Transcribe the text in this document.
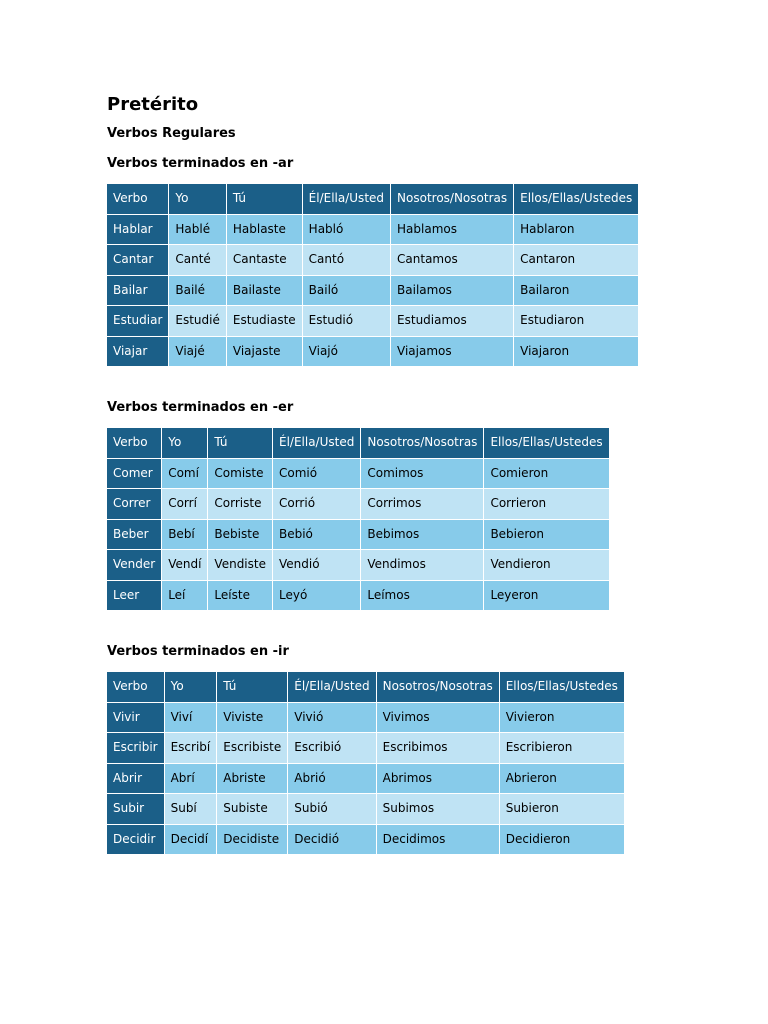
Pretérito
Verbos Regulares
Verbos terminados en -ar
Verbo	Yo	Tú	Él/Ella/Usted	Nosotros/Nosotras	Ellos/Ellas/Ustedes
Hablar	Hablé	Hablaste	Habló	Hablamos	Hablaron
Cantar	Canté	Cantaste	Cantó	Cantamos	Cantaron
Bailar	Bailé	Bailaste	Bailó	Bailamos	Bailaron
Estudiar	Estudié	Estudiaste	Estudió	Estudiamos	Estudiaron
Viajar	Viajé	Viajaste	Viajó	Viajamos	Viajaron
Verbos terminados en -er
Verbo	Yo	Tú	Él/Ella/Usted	Nosotros/Nosotras	Ellos/Ellas/Ustedes
Comer	Comí	Comiste	Comió	Comimos	Comieron
Correr	Corrí	Corriste	Corrió	Corrimos	Corrieron
Beber	Bebí	Bebiste	Bebió	Bebimos	Bebieron
Vender	Vendí	Vendiste	Vendió	Vendimos	Vendieron
Leer	Leí	Leíste	Leyó	Leímos	Leyeron
Verbos terminados en -ir
Verbo	Yo	Tú	Él/Ella/Usted	Nosotros/Nosotras	Ellos/Ellas/Ustedes
Vivir	Viví	Viviste	Vivió	Vivimos	Vivieron
Escribir	Escribí	Escribiste	Escribió	Escribimos	Escribieron
Abrir	Abrí	Abriste	Abrió	Abrimos	Abrieron
Subir	Subí	Subiste	Subió	Subimos	Subieron
Decidir	Decidí	Decidiste	Decidió	Decidimos	Decidieron
